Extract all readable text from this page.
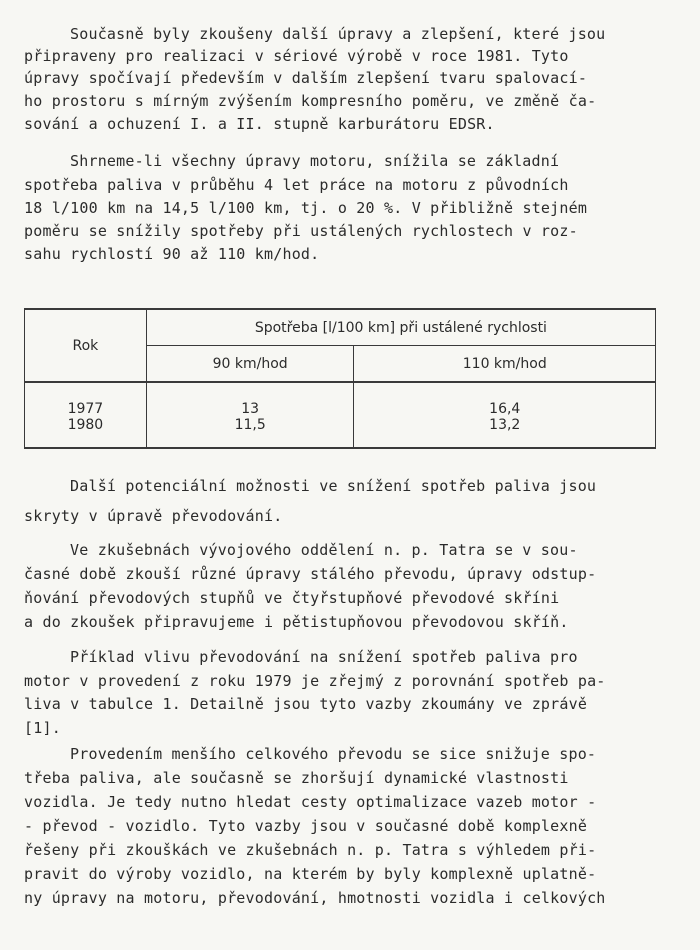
Současně byly zkoušeny další úpravy a zlepšení, které jsou
připraveny pro realizaci v sériové výrobě v roce 1981. Tyto
úpravy spočívají především v dalším zlepšení tvaru spalovací-
ho prostoru s mírným zvýšením kompresního poměru, ve změně ča-
sování a ochuzení I. a II. stupně karburátoru EDSR.
Shrneme-li všechny úpravy motoru, snížila se základní
spotřeba paliva v průběhu 4 let práce na motoru z původních
18 l/100 km na 14,5 l/100 km, tj. o 20 %. V přibližně stejném
poměru se snížily spotřeby při ustálených rychlostech v roz-
sahu rychlostí 90 až 110 km/hod.
Rok	Spotřeba [l/100 km] při ustálené rychlosti	
	90 km/hod	110 km/hod
1977	13	16,4
1980	11,5	13,2
Další potenciální možnosti ve snížení spotřeb paliva jsou
skryty v úpravě převodování.
Ve zkušebnách vývojového oddělení n. p. Tatra se v sou-
časné době zkouší různé úpravy stálého převodu, úpravy odstup-
ňování převodových stupňů ve čtyřstupňové převodové skříni
a do zkoušek připravujeme i pětistupňovou převodovou skříň.
Příklad vlivu převodování na snížení spotřeb paliva pro
motor v provedení z roku 1979 je zřejmý z porovnání spotřeb pa-
liva v tabulce 1. Detailně jsou tyto vazby zkoumány ve zprávě
[1].
Provedením menšího celkového převodu se sice snižuje spo-
třeba paliva, ale současně se zhoršují dynamické vlastnosti
vozidla. Je tedy nutno hledat cesty optimalizace vazeb motor -
- převod - vozidlo. Tyto vazby jsou v současné době komplexně
řešeny při zkouškách ve zkušebnách n. p. Tatra s výhledem při-
pravit do výroby vozidlo, na kterém by byly komplexně uplatně-
ny úpravy na motoru, převodování, hmotnosti vozidla i celkových
